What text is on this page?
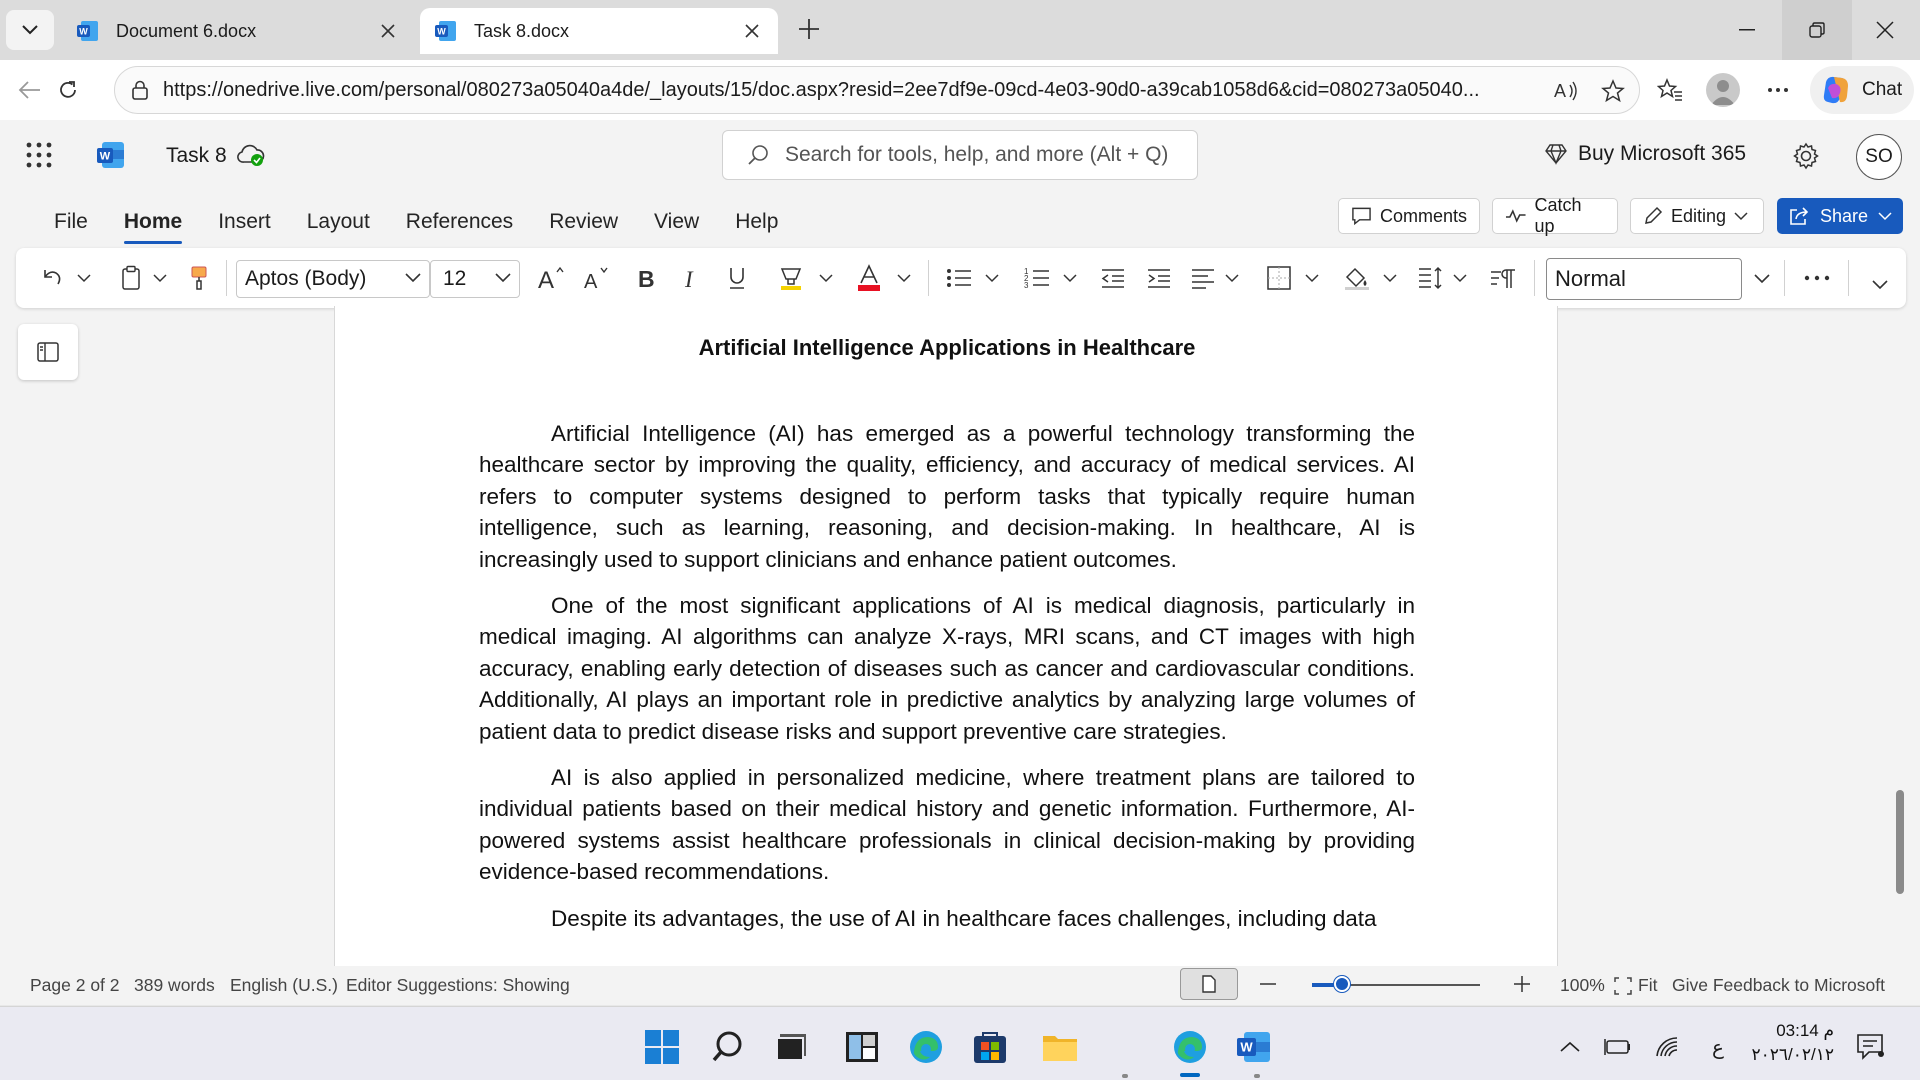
W Document 6.docx	W Task 8.docx
https://onedrive.live.com/personal/080273a05040a4de/_layouts/15/doc.aspx?resid=2ee7df9e-09cd-4e03-90d0-a39cab1058d6&cid=080273a05040...	A	Chat
W	Task 8	Search for tools, help, and more (Alt + Q)	Buy Microsoft 365	SO
File	Home	Insert	Layout	References	Review	View	Help	Comments
Catch up
Editing	Share
Aptos (Body)	12	A A B I	1
2
3	Normal
Artificial Intelligence Applications in Healthcare

Artificial Intelligence (AI) has emerged as a powerful technology transforming the healthcare sector by improving the quality, efficiency, and accuracy of medical services. AI refers to computer systems designed to perform tasks that typically require human intelligence, such as learning, reasoning, and decision-making. In healthcare, AI is increasingly used to support clinicians and enhance patient outcomes.

One of the most significant applications of AI is medical diagnosis, particularly in medical imaging. AI algorithms can analyze X-rays, MRI scans, and CT images with high accuracy, enabling early detection of diseases such as cancer and cardiovascular conditions. Additionally, AI plays an important role in predictive analytics by analyzing large volumes of patient data to predict disease risks and support preventive care strategies.

AI is also applied in personalized medicine, where treatment plans are tailored to individual patients based on their medical history and genetic information. Furthermore, AI-powered systems assist healthcare professionals in clinical decision-making by providing evidence-based recommendations.

Despite its advantages, the use of AI in healthcare faces challenges, including data

Page 2 of 2 389 words English (U.S.) Editor Suggestions: Showing	100% Fit Give Feedback to Microsoft
W	ع
03:14 م
٢٠٢٦/٠٢/١٢
